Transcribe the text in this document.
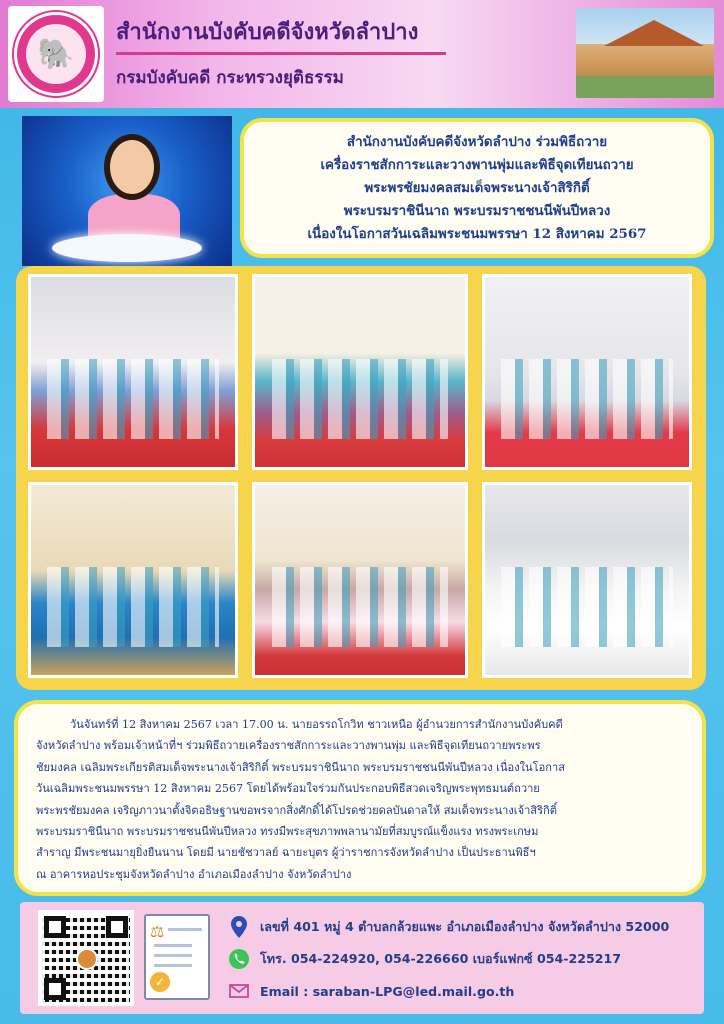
🐘
สำนักงานบังคับคดีจังหวัดลำปาง
กรมบังคับคดี กระทรวงยุติธรรม
สำนักงานบังคับคดีจังหวัดลำปาง ร่วมพิธีถวาย
เครื่องราชสักการะและวางพานพุ่มและพิธีจุดเทียนถวาย
พระพรชัยมงคลสมเด็จพระนางเจ้าสิริกิติ์
พระบรมราชินีนาถ พระบรมราชชนนีพันปีหลวง
เนื่องในโอกาสวันเฉลิมพระชนมพรรษา 12 สิงหาคม 2567

วันจันทร์ที่ 12 สิงหาคม 2567 เวลา 17.00 น. นายอรรถโกวิท ชาวเหนือ ผู้อำนวยการสำนักงานบังคับคดี

จังหวัดลำปาง พร้อมเจ้าหน้าที่ฯ ร่วมพิธีถวายเครื่องราชสักการะและวางพานพุ่ม และพิธีจุดเทียนถวายพระพร

ชัยมงคล เฉลิมพระเกียรติสมเด็จพระนางเจ้าสิริกิติ์ พระบรมราชินีนาถ พระบรมราชชนนีพันปีหลวง เนื่องในโอกาส

วันเฉลิมพระชนมพรรษา 12 สิงหาคม 2567 โดยได้พร้อมใจร่วมกันประกอบพิธีสวดเจริญพระพุทธมนต์ถวาย

พระพรชัยมงคล เจริญภาวนาตั้งจิตอธิษฐานขอพรจากสิ่งศักดิ์ได้โปรดช่วยดลบันดาลให้ สมเด็จพระนางเจ้าสิริกิติ์

พระบรมราชินีนาถ พระบรมราชชนนีพันปีหลวง ทรงมีพระสุขภาพพลานามัยที่สมบูรณ์แข็งแรง ทรงพระเกษม

สำราญ มีพระชนมายุยิ่งยืนนาน โดยมี นายชัชวาลย์ ฉายะบุตร ผู้ว่าราชการจังหวัดลำปาง เป็นประธานพิธีฯ

ณ อาคารหอประชุมจังหวัดลำปาง อำเภอเมืองลำปาง จังหวัดลำปาง

⚖
✓
เลขที่ 401 หมู่ 4 ตำบลกล้วยแพะ อำเภอเมืองลำปาง จังหวัดลำปาง 52000
โทร. 054-224920, 054-226660 เบอร์แฟกซ์ 054-225217
Email : saraban-LPG@led.mail.go.th
